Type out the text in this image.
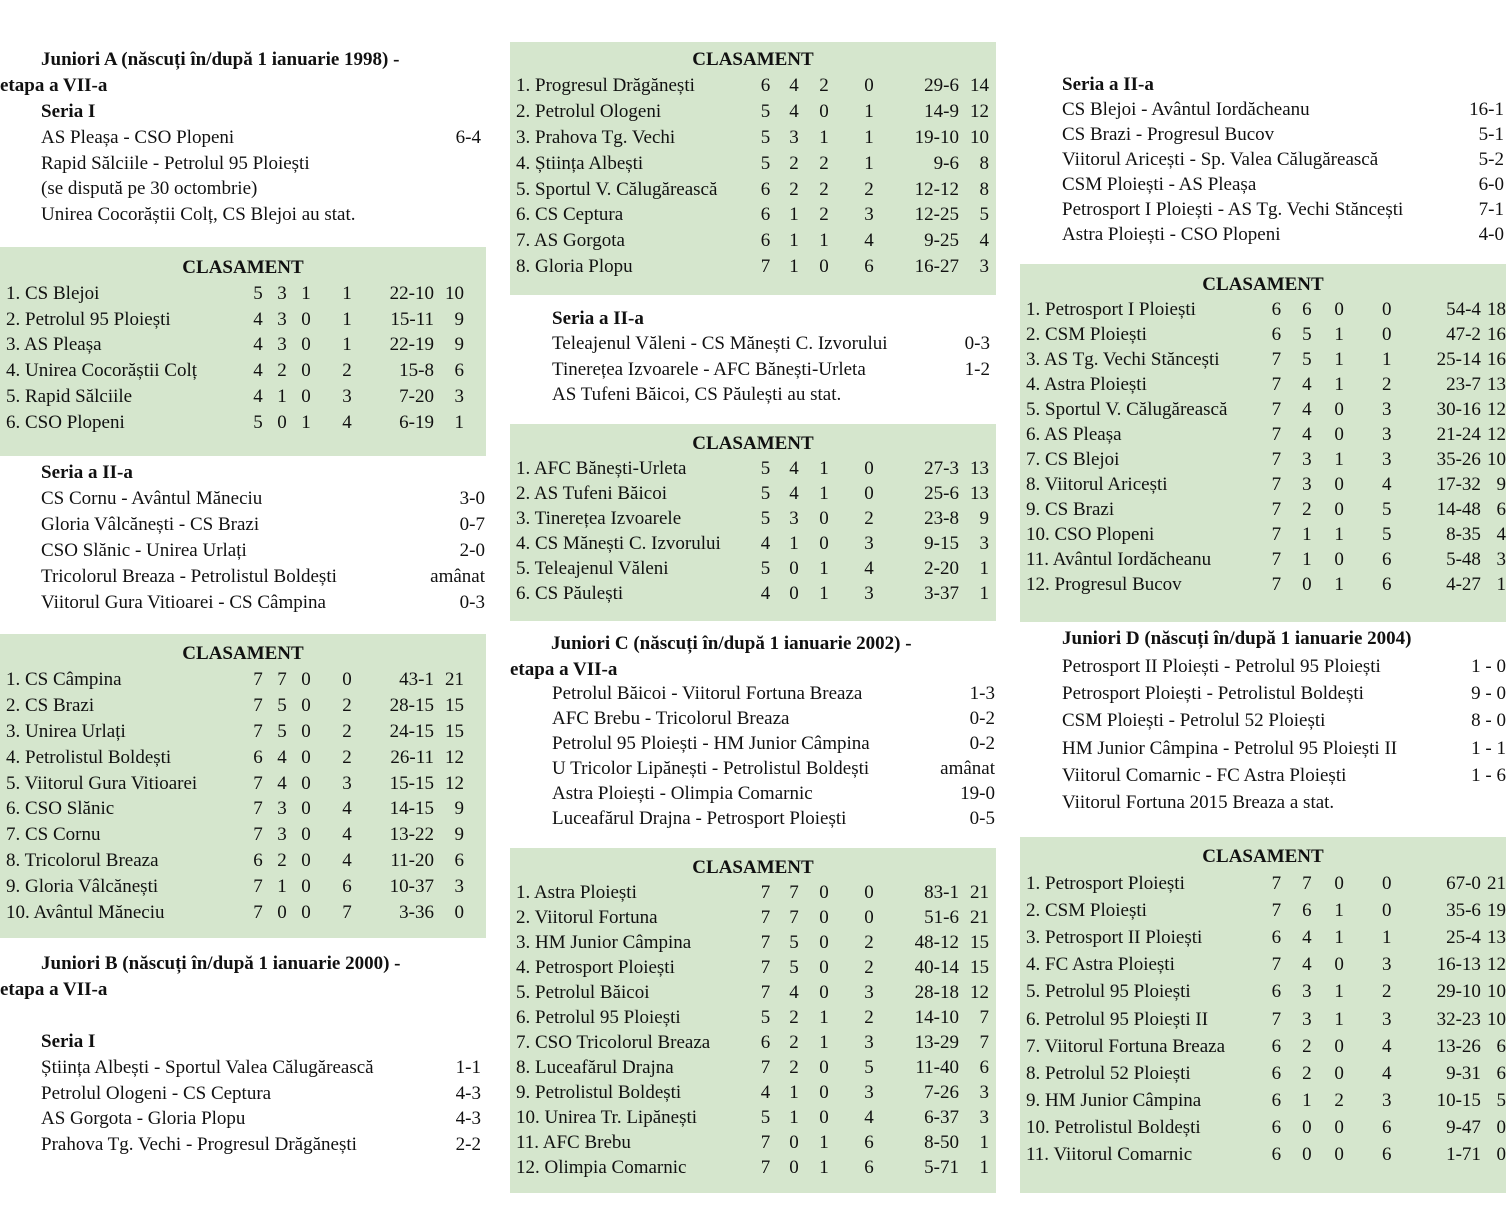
Juniori A (născuți în/după 1 ianuarie 1998) -
etapa a VII-a
Seria I
AS Pleașa - CSO Plopeni	6-4
Rapid Sălciile - Petrolul 95 Ploiești
(se dispută pe 30 octombrie)
Unirea Cocorăștii Colț, CS Blejoi au stat.
CLASAMENT
1. CS Blejoi	5 3 1	1	22-10 10
2. Petrolul 95 Ploiești	4 3 0	1	15-11	9
3. AS Pleașa	4 3 0	1	22-19	9
4. Unirea Cocorăștii Colț	4 2 0	2	15-8	6
5. Rapid Sălciile	4 1 0	3	7-20	3
6. CSO Plopeni	5 0 1	4	6-19	1
Seria a II-a
CS Cornu - Avântul Măneciu	3-0
Gloria Vâlcănești - CS Brazi	0-7
CSO Slănic - Unirea Urlați	2-0
Tricolorul Breaza - Petrolistul Boldești	amânat
Viitorul Gura Vitioarei - CS Câmpina	0-3
CLASAMENT
1. CS Câmpina	7 7 0	0	43-1 21
2. CS Brazi	7 5 0	2	28-15 15
3. Unirea Urlați	7 5 0	2	24-15 15
4. Petrolistul Boldești	6 4 0	2	26-11 12
5. Viitorul Gura Vitioarei	7 4 0	3	15-15 12
6. CSO Slănic	7 3 0	4	14-15	9
7. CS Cornu	7 3 0	4	13-22	9
8. Tricolorul Breaza	6 2 0	4	11-20	6
9. Gloria Vâlcănești	7 1 0	6	10-37	3
10. Avântul Măneciu	7 0 0	7	3-36	0
Juniori B (născuți în/după 1 ianuarie 2000) -
etapa a VII-a
Seria I
Știința Albești - Sportul Valea Călugărească	1-1
Petrolul Ologeni - CS Ceptura	4-3
AS Gorgota - Gloria Plopu	4-3
Prahova Tg. Vechi - Progresul Drăgănești	2-2
CLASAMENT
1. Progresul Drăgănești	6	4	2	0	29-6 14
2. Petrolul Ologeni	5	4	0	1	14-9 12
3. Prahova Tg. Vechi	5	3	1	1	19-10 10
4. Știința Albești	5	2	2	1	9-6	8
5. Sportul V. Călugărească	6	2	2	2	12-12	8
6. CS Ceptura	6	1	2	3	12-25	5
7. AS Gorgota	6	1	1	4	9-25	4
8. Gloria Plopu	7	1	0	6	16-27	3
Seria a II-a
Teleajenul Văleni - CS Mănești C. Izvorului	0-3
Tinerețea Izvoarele - AFC Bănești-Urleta	1-2
AS Tufeni Băicoi, CS Păulești au stat.
CLASAMENT
1. AFC Bănești-Urleta	5	4	1	0	27-3 13
2. AS Tufeni Băicoi	5	4	1	0	25-6 13
3. Tinerețea Izvoarele	5	3	0	2	23-8	9
4. CS Mănești C. Izvorului	4	1	0	3	9-15	3
5. Teleajenul Văleni	5	0	1	4	2-20	1
6. CS Păulești	4	0	1	3	3-37	1
Juniori C (născuți în/după 1 ianuarie 2002) -
etapa a VII-a
Petrolul Băicoi - Viitorul Fortuna Breaza	1-3
AFC Brebu - Tricolorul Breaza	0-2
Petrolul 95 Ploiești - HM Junior Câmpina	0-2
U Tricolor Lipănești - Petrolistul Boldești	amânat
Astra Ploiești - Olimpia Comarnic	19-0
Luceafărul Drajna - Petrosport Ploiești	0-5
CLASAMENT
1. Astra Ploiești	7	7	0	0	83-1 21
2. Viitorul Fortuna	7	7	0	0	51-6 21
3. HM Junior Câmpina	7	5	0	2	48-12 15
4. Petrosport Ploiești	7	5	0	2	40-14 15
5. Petrolul Băicoi	7	4	0	3	28-18 12
6. Petrolul 95 Ploiești	5	2	1	2	14-10	7
7. CSO Tricolorul Breaza	6	2	1	3	13-29	7
8. Luceafărul Drajna	7	2	0	5	11-40	6
9. Petrolistul Boldești	4	1	0	3	7-26	3
10. Unirea Tr. Lipănești	5	1	0	4	6-37	3
11. AFC Brebu	7	0	1	6	8-50	1
12. Olimpia Comarnic	7	0	1	6	5-71	1
Seria a II-a
CS Blejoi - Avântul Iordăcheanu	16-1
CS Brazi - Progresul Bucov	5-1
Viitorul Aricești - Sp. Valea Călugărească	5-2
CSM Ploiești - AS Pleașa	6-0
Petrosport I Ploiești - AS Tg. Vechi Stăncești	7-1
Astra Ploiești - CSO Plopeni	4-0
CLASAMENT
1. Petrosport I Ploiești	6	6	0	0	54-4 18
2. CSM Ploiești	6	5	1	0	47-2 16
3. AS Tg. Vechi Stăncești	7	5	1	1	25-14 16
4. Astra Ploiești	7	4	1	2	23-7 13
5. Sportul V. Călugărească	7	4	0	3	30-16 12
6. AS Pleașa	7	4	0	3	21-24 12
7. CS Blejoi	7	3	1	3	35-26 10
8. Viitorul Aricești	7	3	0	4	17-32 9
9. CS Brazi	7	2	0	5	14-48 6
10. CSO Plopeni	7	1	1	5	8-35 4
11. Avântul Iordăcheanu	7	1	0	6	5-48 3
12. Progresul Bucov	7	0	1	6	4-27 1
Juniori D (născuți în/după 1 ianuarie 2004)
Petrosport II Ploiești - Petrolul 95 Ploiești	1 - 0
Petrosport Ploiești - Petrolistul Boldești	9 - 0
CSM Ploiești - Petrolul 52 Ploiești	8 - 0
HM Junior Câmpina - Petrolul 95 Ploiești II	1 - 1
Viitorul Comarnic - FC Astra Ploiești	1 - 6
Viitorul Fortuna 2015 Breaza a stat.
CLASAMENT
1. Petrosport Ploiești	7	7	0	0	67-0 21
2. CSM Ploiești	7	6	1	0	35-6 19
3. Petrosport II Ploiești	6	4	1	1	25-4 13
4. FC Astra Ploiești	7	4	0	3	16-13 12
5. Petrolul 95 Ploiești	6	3	1	2	29-10 10
6. Petrolul 95 Ploiești II	7	3	1	3	32-23 10
7. Viitorul Fortuna Breaza	6	2	0	4	13-26 6
8. Petrolul 52 Ploiești	6	2	0	4	9-31 6
9. HM Junior Câmpina	6	1	2	3	10-15 5
10. Petrolistul Boldești	6	0	0	6	9-47 0
11. Viitorul Comarnic	6	0	0	6	1-71 0
